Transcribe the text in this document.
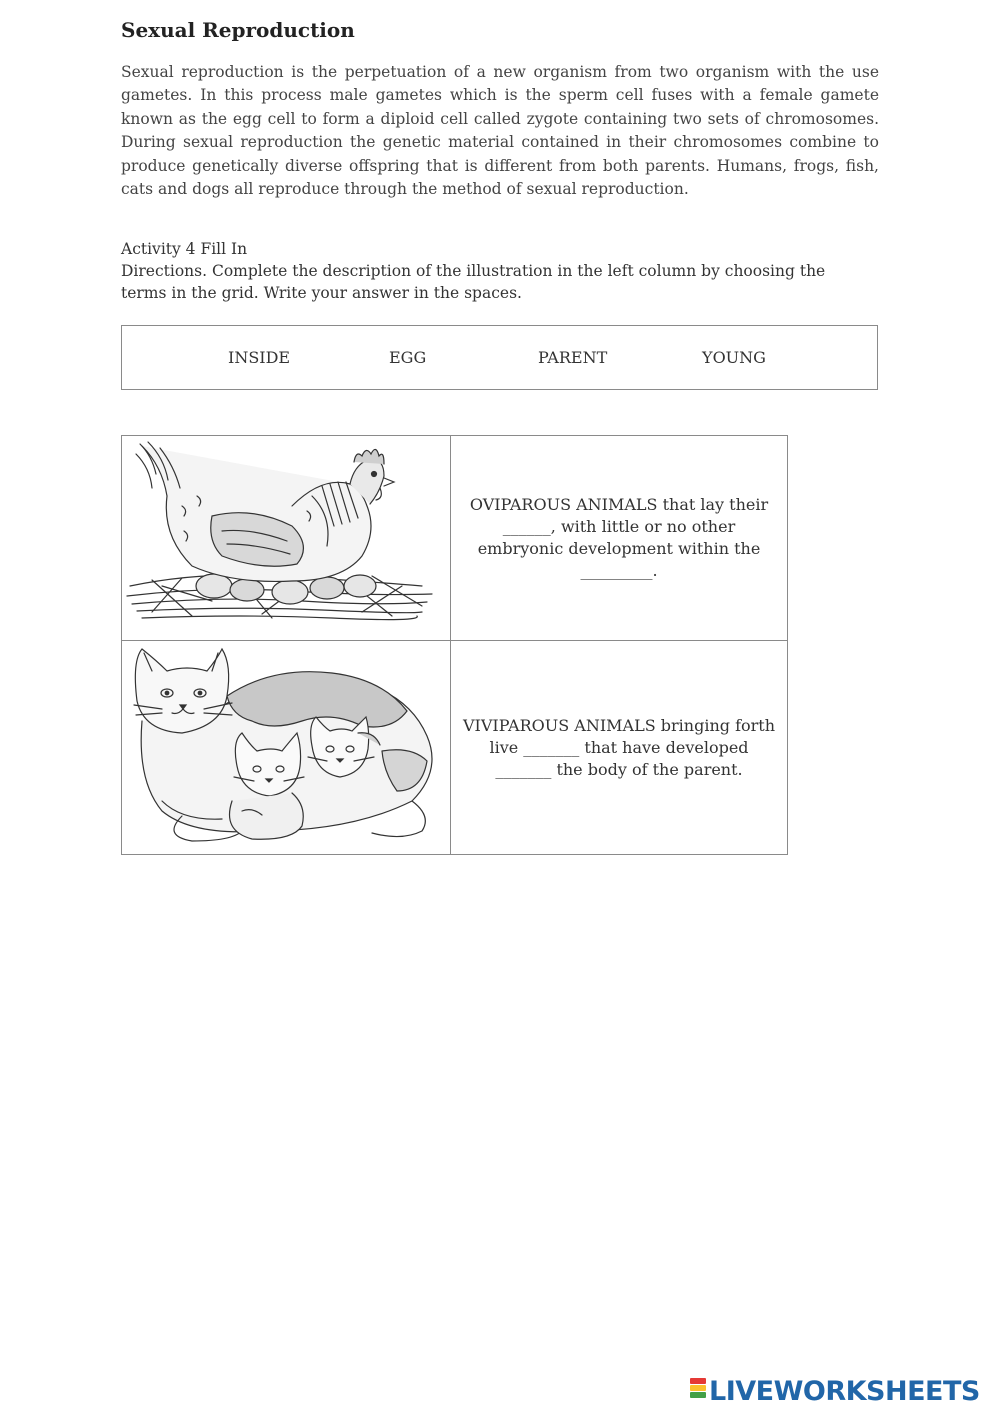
Sexual Reproduction

Sexual reproduction is the perpetuation of a new organism from two organism with the use gametes. In this process male gametes which is the sperm cell fuses with a female gamete known as the egg cell to form a diploid cell called zygote containing two sets of chromosomes. During sexual reproduction the genetic material contained in their chromosomes combine to produce genetically diverse offspring that is different from both parents. Humans, frogs, fish, cats and dogs all reproduce through the method of sexual reproduction.

Activity 4 Fill In

Directions. Complete the description of the illustration in the left column by choosing the terms in the grid. Write your answer in the spaces.

INSIDE	EGG	PARENT	YOUNG

OVIPAROUS ANIMALS that lay their ______, with little or no other embryonic development within the _________.

VIVIPAROUS ANIMALS bringing forth live _______ that have developed _______ the body of the parent.

LIVEWORKSHEETS
